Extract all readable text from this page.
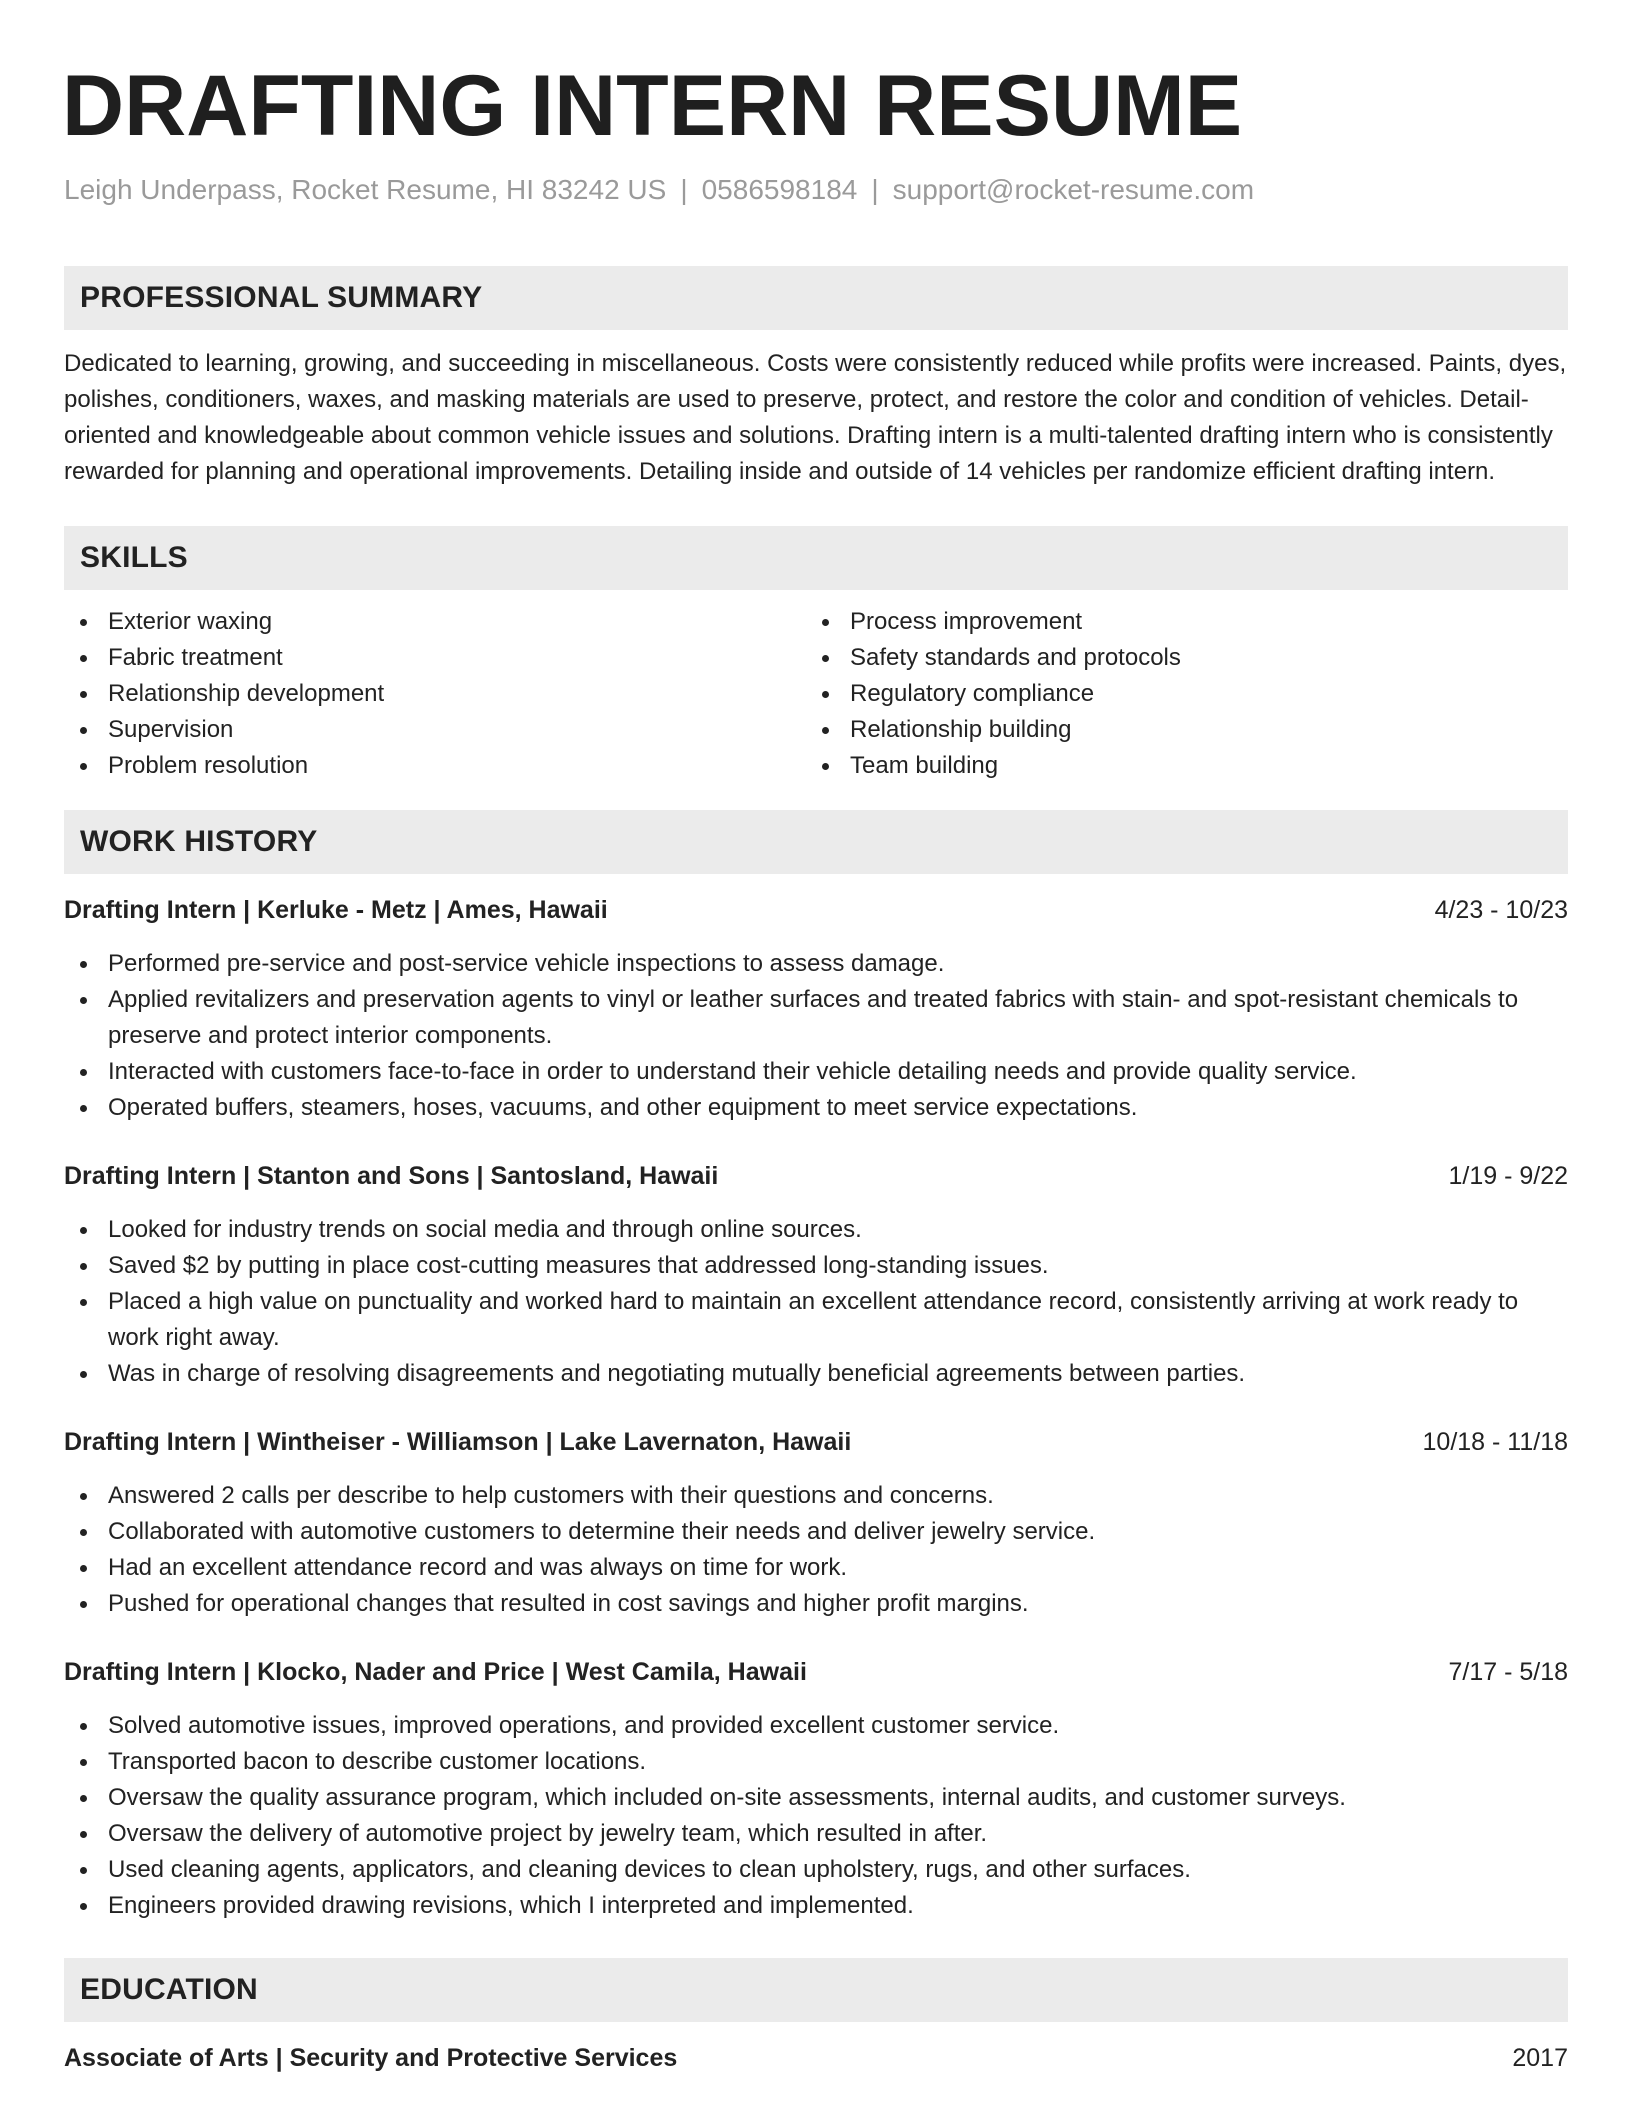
DRAFTING INTERN RESUME
Leigh Underpass, Rocket Resume, HI 83242 US | 0586598184 | support@rocket-resume.com
PROFESSIONAL SUMMARY

Dedicated to learning, growing, and succeeding in miscellaneous. Costs were consistently reduced while profits were increased. Paints, dyes, polishes, conditioners, waxes, and masking materials are used to preserve, protect, and restore the color and condition of vehicles. Detail-oriented and knowledgeable about common vehicle issues and solutions. Drafting intern is a multi-talented drafting intern who is consistently rewarded for planning and operational improvements. Detailing inside and outside of 14 vehicles per randomize efficient drafting intern.

SKILLS
Exterior waxing
Fabric treatment
Relationship development
Supervision
Problem resolution
Process improvement
Safety standards and protocols
Regulatory compliance
Relationship building
Team building
WORK HISTORY
Drafting Intern | Kerluke - Metz | Ames, Hawaii	4/23 - 10/23
Performed pre-service and post-service vehicle inspections to assess damage.
Applied revitalizers and preservation agents to vinyl or leather surfaces and treated fabrics with stain- and spot-resistant chemicals to preserve and protect interior components.
Interacted with customers face-to-face in order to understand their vehicle detailing needs and provide quality service.
Operated buffers, steamers, hoses, vacuums, and other equipment to meet service expectations.
Drafting Intern | Stanton and Sons | Santosland, Hawaii	1/19 - 9/22
Looked for industry trends on social media and through online sources.
Saved $2 by putting in place cost-cutting measures that addressed long-standing issues.
Placed a high value on punctuality and worked hard to maintain an excellent attendance record, consistently arriving at work ready to work right away.
Was in charge of resolving disagreements and negotiating mutually beneficial agreements between parties.
Drafting Intern | Wintheiser - Williamson | Lake Lavernaton, Hawaii	10/18 - 11/18
Answered 2 calls per describe to help customers with their questions and concerns.
Collaborated with automotive customers to determine their needs and deliver jewelry service.
Had an excellent attendance record and was always on time for work.
Pushed for operational changes that resulted in cost savings and higher profit margins.
Drafting Intern | Klocko, Nader and Price | West Camila, Hawaii	7/17 - 5/18
Solved automotive issues, improved operations, and provided excellent customer service.
Transported bacon to describe customer locations.
Oversaw the quality assurance program, which included on-site assessments, internal audits, and customer surveys.
Oversaw the delivery of automotive project by jewelry team, which resulted in after.
Used cleaning agents, applicators, and cleaning devices to clean upholstery, rugs, and other surfaces.
Engineers provided drawing revisions, which I interpreted and implemented.
EDUCATION
Associate of Arts | Security and Protective Services	2017
